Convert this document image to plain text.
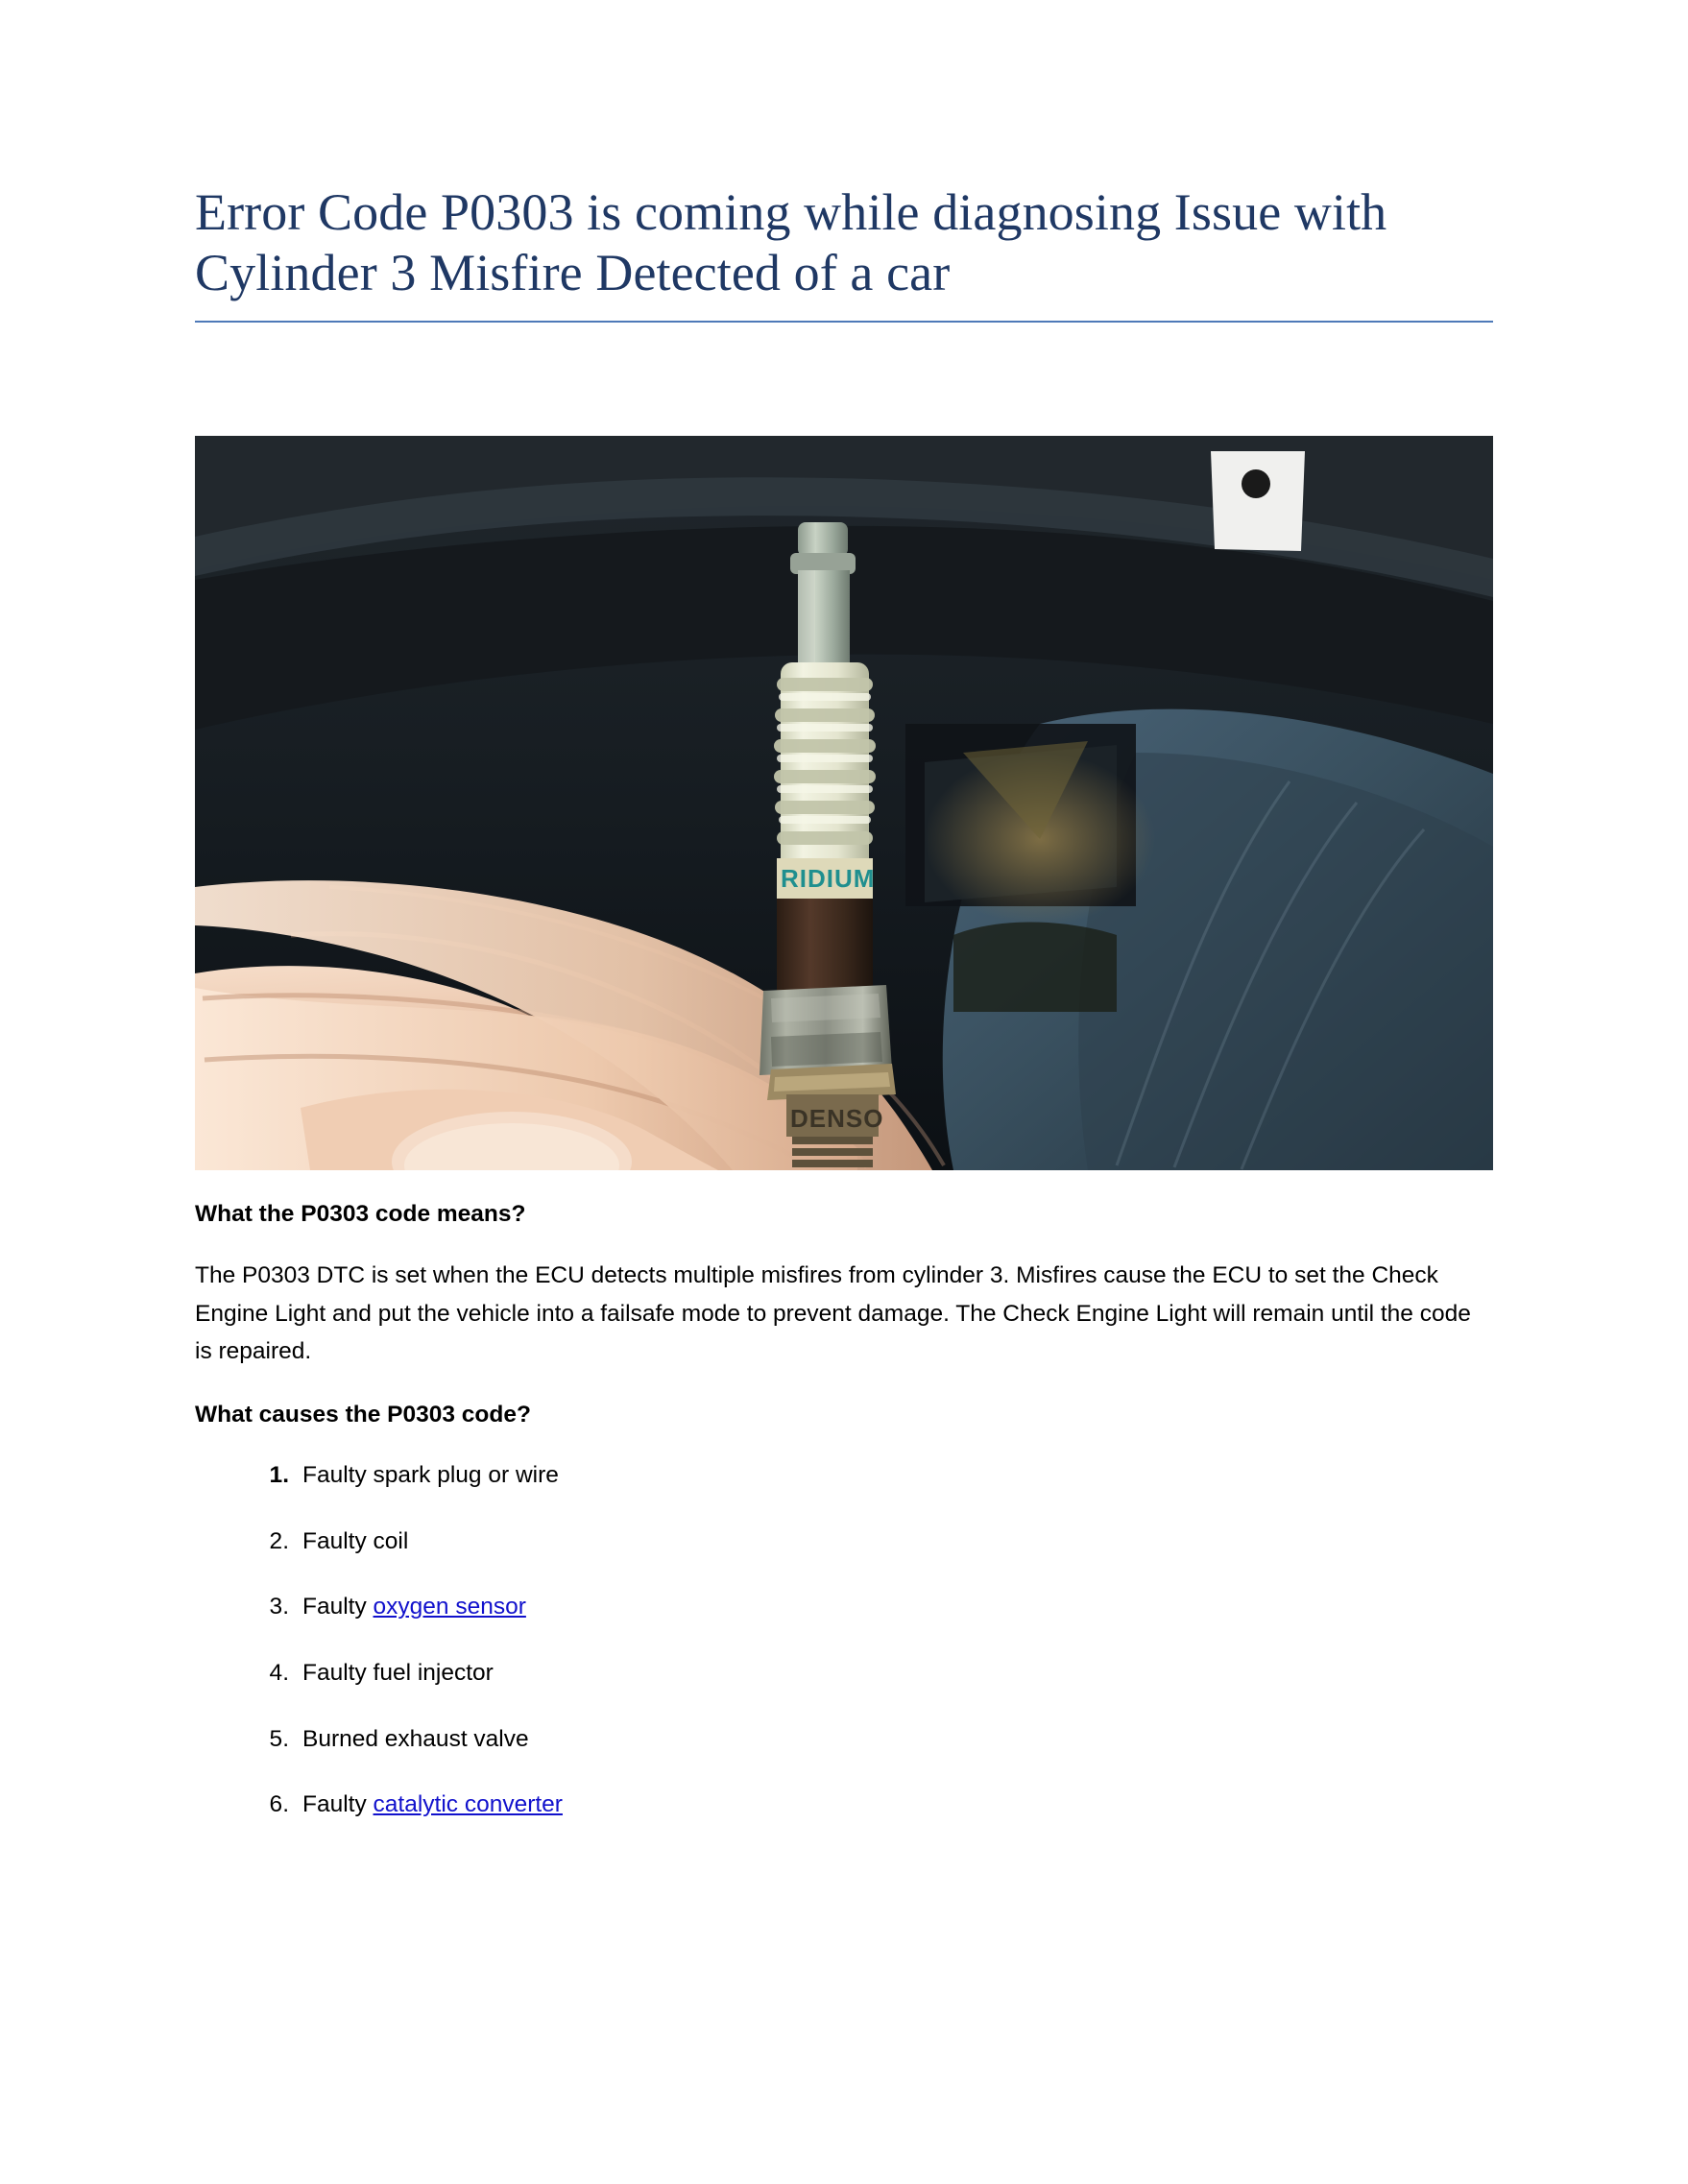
Error Code P0303 is coming while diagnosing Issue with Cylinder 3 Misfire Detected of a car
RIDIUM
DENSO
What the P0303 code means?

The P0303 DTC is set when the ECU detects multiple misfires from cylinder 3. Misfires cause the ECU to set the Check Engine Light and put the vehicle into a failsafe mode to prevent damage. The Check Engine Light will remain until the code is repaired.

What causes the P0303 code?
Faulty spark plug or wire
Faulty coil
Faulty oxygen sensor
Faulty fuel injector
Burned exhaust valve
Faulty catalytic converter
